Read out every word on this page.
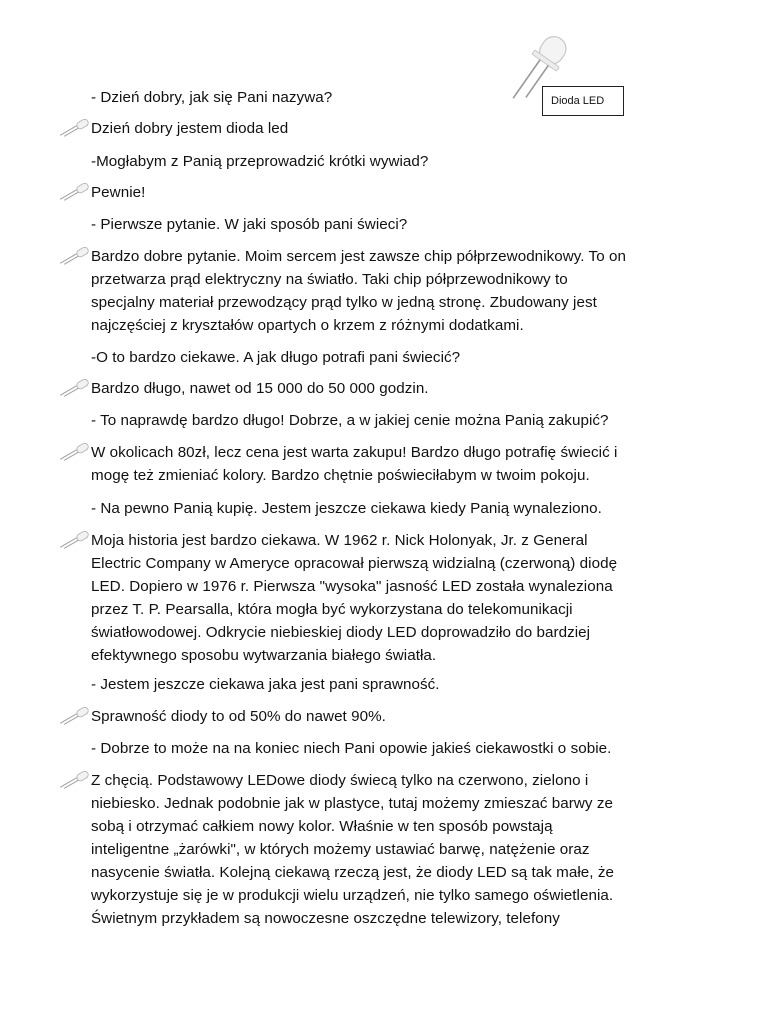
Dioda LED
- Dzień dobry, jak się Pani nazywa?
Dzień dobry jestem dioda led
-Mogłabym z Panią przeprowadzić krótki wywiad?
Pewnie!
- Pierwsze pytanie. W jaki sposób pani świeci?
Bardzo dobre pytanie. Moim sercem jest zawsze chip półprzewodnikowy. To on
przetwarza prąd elektryczny na światło. Taki chip półprzewodnikowy to
specjalny materiał przewodzący prąd tylko w jedną stronę. Zbudowany jest
najczęściej z kryształów opartych o krzem z różnymi dodatkami.
-O to bardzo ciekawe. A jak długo potrafi pani świecić?
Bardzo długo, nawet od 15 000 do 50 000 godzin.
- To naprawdę bardzo długo! Dobrze, a w jakiej cenie można Panią zakupić?
W okolicach 80zł, lecz cena jest warta zakupu! Bardzo długo potrafię świecić i
mogę też zmieniać kolory. Bardzo chętnie poświeciłabym w twoim pokoju.
- Na pewno Panią kupię. Jestem jeszcze ciekawa kiedy Panią wynaleziono.
Moja historia jest bardzo ciekawa. W 1962 r. Nick Holonyak, Jr. z General
Electric Company w Ameryce opracował pierwszą widzialną (czerwoną) diodę
LED. Dopiero w 1976 r. Pierwsza "wysoka" jasność LED została wynaleziona
przez T. P. Pearsalla, która mogła być wykorzystana do telekomunikacji
światłowodowej. Odkrycie niebieskiej diody LED doprowadziło do bardziej
efektywnego sposobu wytwarzania białego światła.
- Jestem jeszcze ciekawa jaka jest pani sprawność.
Sprawność diody to od 50% do nawet 90%.
- Dobrze to może na na koniec niech Pani opowie jakieś ciekawostki o sobie.
Z chęcią. Podstawowy LEDowe diody świecą tylko na czerwono, zielono i
niebiesko. Jednak podobnie jak w plastyce, tutaj możemy zmieszać barwy ze
sobą i otrzymać całkiem nowy kolor. Właśnie w ten sposób powstają
inteligentne „żarówki", w których możemy ustawiać barwę, natężenie oraz
nasycenie światła. Kolejną ciekawą rzeczą jest, że diody LED są tak małe, że
wykorzystuje się je w produkcji wielu urządzeń, nie tylko samego oświetlenia.
Świetnym przykładem są nowoczesne oszczędne telewizory, telefony
